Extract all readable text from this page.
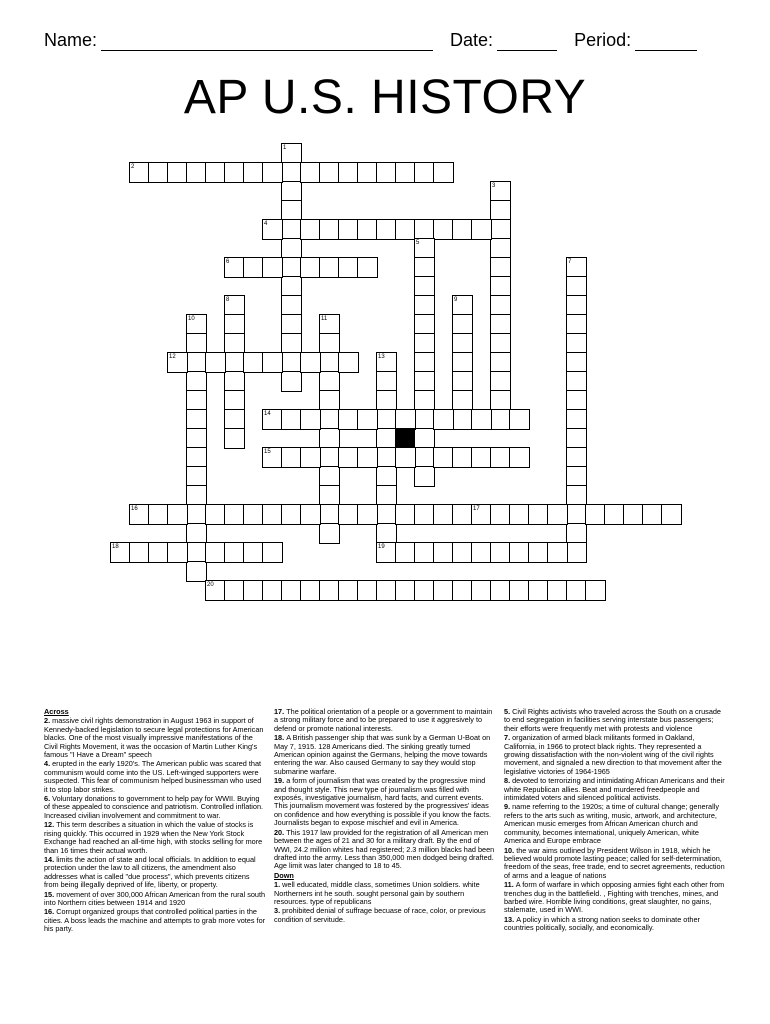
Name:	Date:	Period:
AP U.S. HISTORY
1
2
3
4
5
6	7
8	9
10	11
12	13
19
14
15
16	17
18
20

Across

2. massive civil rights demonstration in August 1963 in support of Kennedy-backed legislation to secure legal protections for American blacks. One of the most visually impressive manifestations of the Civil Rights Movement, it was the occasion of Martin Luther King's famous "I Have a Dream" speech

4. erupted in the early 1920's. The American public was scared that communism would come into the US. Left-winged supporters were suspected. This fear of communism helped businessman who used it to stop labor strikes.

6. Voluntary donations to government to help pay for WWII. Buying of these appealed to conscience and patriotism. Controlled inflation. Increased civilian involvement and commitment to war.

12. This term describes a situation in which the value of stocks is rising quickly. This occurred in 1929 when the New York Stock Exchange had reached an all-time high, with stocks selling for more than 16 times their actual worth.

14. limits the action of state and local officials. In addition to equal protection under the law to all citizens, the amendment also addresses what is called "due process", which prevents citizens from being illegally deprived of life, liberty, or property.

15. movement of over 300,000 African American from the rural south into Northern cities between 1914 and 1920

16. Corrupt organized groups that controlled political parties in the cities. A boss leads the machine and attempts to grab more votes for his party.

17. The political orientation of a people or a government to maintain a strong military force and to be prepared to use it aggresively to defend or promote national interests.

18. A British passenger ship that was sunk by a German U-Boat on May 7, 1915. 128 Americans died. The sinking greatly turned American opinion against the Germans, helping the move towards entering the war. Also caused Germany to say they would stop submarine warfare.

19. a form of journalism that was created by the progressive mind and thought style. This new type of journalism was filled with exposés, investigative journalism, hard facts, and current events. This journalism movement was fostered by the progressives' ideas on confidence and how everything is possible if you know the facts. Journalists began to expose mischief and evil in America.

20. This 1917 law provided for the registration of all American men between the ages of 21 and 30 for a military draft. By the end of WWI, 24.2 million whites had registered; 2.3 million blacks had been drafted into the army. Less than 350,000 men dodged being drafted. Age limit was later changed to 18 to 45.

Down

1. well educated, middle class, sometimes Union soldiers. white Northerners int he south. sought personal gain by southern resources. type of republicans

3. prohibited denial of suffrage becuase of race, color, or previous condition of servitude.

5. Civil Rights activists who traveled across the South on a crusade to end segregation in facilities serving interstate bus passengers; their efforts were frequently met with protests and violence

7. organization of armed black militants formed in Oakland, California, in 1966 to protect black rights. They represented a growing dissatisfaction with the non-violent wing of the civil rights movement, and signaled a new direction to that movement after the legislative victories of 1964-1965

8. devoted to terrorizing and intimidating African Americans and their white Republican allies. Beat and murdered freedpeople and intimidated voters and silenced political activists.

9. name referring to the 1920s; a time of cultural change; generally refers to the arts such as writing, music, artwork, and architecture, American music emerges from African American church and community, becomes international, uniquely American, white America and Europe embrace

10. the war aims outlined by President Wilson in 1918, which he believed would promote lasting peace; called for self-determination, freedom of the seas, free trade, end to secret agreements, reduction of arms and a league of nations

11. A form of warfare in which opposing armies fight each other from trenches dug in the battlefield. , Fighting with trenches, mines, and barbed wire. Horrible living conditions, great slaughter, no gains, stalemate, used in WWI.

13. A policy in which a strong nation seeks to dominate other countries politically, socially, and economically.
